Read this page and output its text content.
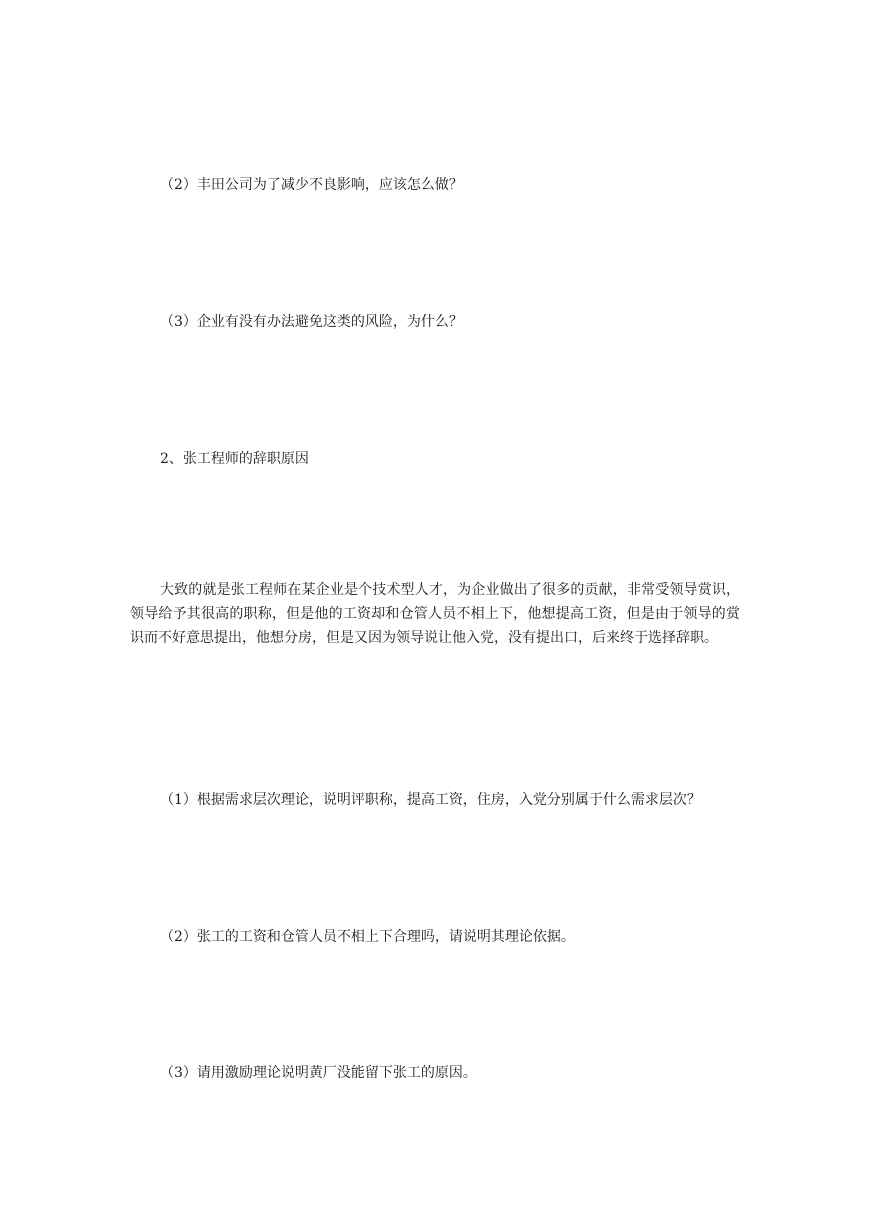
（2）丰田公司为了减少不良影响，应该怎么做？
（3）企业有没有办法避免这类的风险，为什么？
2、张工程师的辞职原因
大致的就是张工程师在某企业是个技术型人才，为企业做出了很多的贡献，非常受领导赏识，领导给予其很高的职称，但是他的工资却和仓管人员不相上下，他想提高工资，但是由于领导的赏识而不好意思提出，他想分房，但是又因为领导说让他入党，没有提出口，后来终于选择辞职。
（1）根据需求层次理论，说明评职称，提高工资，住房，入党分别属于什么需求层次？
（2）张工的工资和仓管人员不相上下合理吗，请说明其理论依据。
（3）请用激励理论说明黄厂没能留下张工的原因。
